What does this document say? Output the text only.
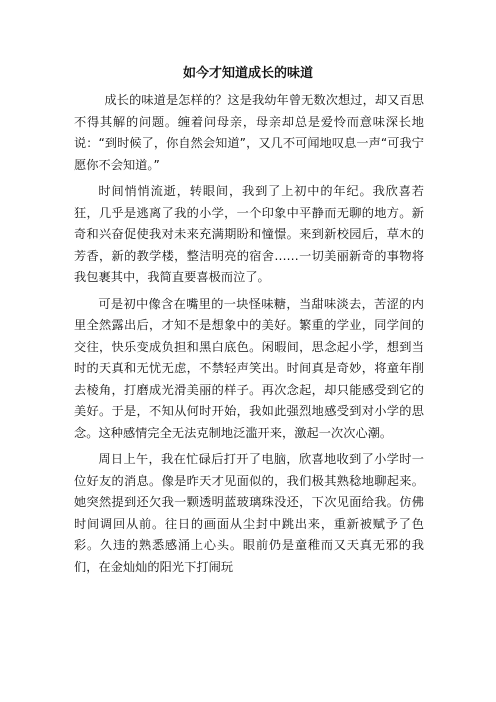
如今才知道成长的味道

成长的味道是怎样的？这是我幼年曾无数次想过，却又百思不得其解的问题。缠着问母亲，母亲却总是爱怜而意味深长地说：“到时候了，你自然会知道”，又几不可闻地叹息一声“可我宁愿你不会知道。”

时间悄悄流逝，转眼间，我到了上初中的年纪。我欣喜若狂，几乎是逃离了我的小学，一个印象中平静而无聊的地方。新奇和兴奋促使我对未来充满期盼和憧憬。来到新校园后，草木的芳香，新的教学楼，整洁明亮的宿舍……一切美丽新奇的事物将我包裹其中，我简直要喜极而泣了。

可是初中像含在嘴里的一块怪味糖，当甜味淡去，苦涩的内里全然露出后，才知不是想象中的美好。繁重的学业，同学间的交往，快乐变成负担和黑白底色。闲暇间，思念起小学，想到当时的天真和无忧无虑，不禁轻声笑出。时间真是奇妙，将童年削去棱角，打磨成光滑美丽的样子。再次念起，却只能感受到它的美好。于是，不知从何时开始，我如此强烈地感受到对小学的思念。这种感情完全无法克制地泛滥开来，激起一次次心潮。

周日上午，我在忙碌后打开了电脑，欣喜地收到了小学时一位好友的消息。像是昨天才见面似的，我们极其熟稔地聊起来。她突然提到还欠我一颗透明蓝玻璃珠没还，下次见面给我。仿佛时间调回从前。往日的画面从尘封中跳出来，重新被赋予了色彩。久违的熟悉感涌上心头。眼前仍是童稚而又天真无邪的我们，在金灿灿的阳光下打闹玩
